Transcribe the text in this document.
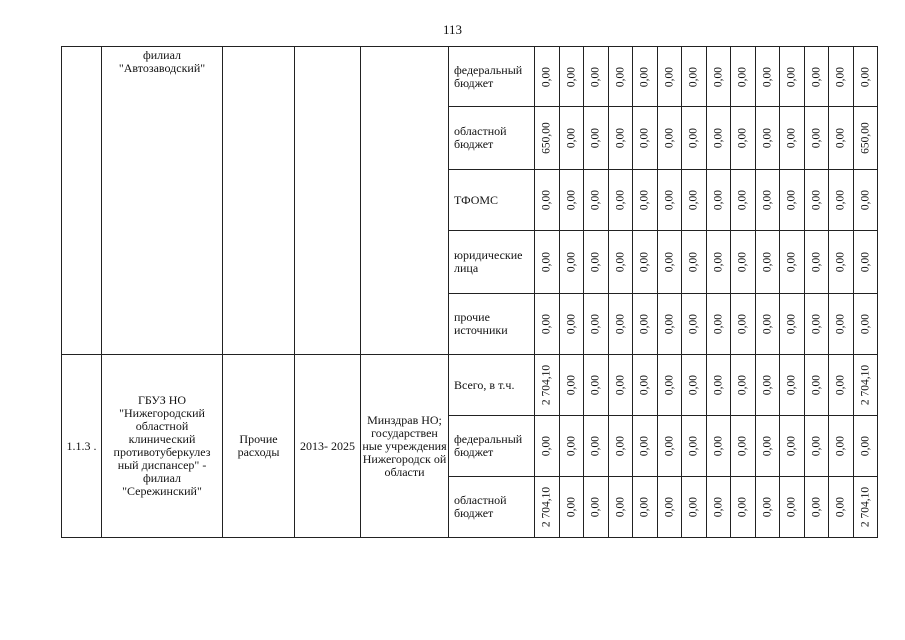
113
	филиал "Автозаводский"				федеральный бюджет	0,00	0,00	0,00	0,00	0,00	0,00	0,00	0,00	0,00	0,00	0,00	0,00	0,00	0,00

					областной бюджет	650,00	0,00	0,00	0,00	0,00	0,00	0,00	0,00	0,00	0,00	0,00	0,00	0,00	650,00

					ТФОМС	0,00	0,00	0,00	0,00	0,00	0,00	0,00	0,00	0,00	0,00	0,00	0,00	0,00	0,00

					юридические лица	0,00	0,00	0,00	0,00	0,00	0,00	0,00	0,00	0,00	0,00	0,00	0,00	0,00	0,00

					прочие источники	0,00	0,00	0,00	0,00	0,00	0,00	0,00	0,00	0,00	0,00	0,00	0,00	0,00	0,00

1.1.3 .	ГБУЗ НО "Нижегородский областной клинический противотуберкулез ный диспансер" - филиал "Сережинский"	Прочие расходы	2013- 2025	Минздрав НО; государствен ные учреждения Нижегородск ой области	Всего, в т.ч.	2 704,10	0,00	0,00	0,00	0,00	0,00	0,00	0,00	0,00	0,00	0,00	0,00	0,00	2 704,10

					федеральный бюджет	0,00	0,00	0,00	0,00	0,00	0,00	0,00	0,00	0,00	0,00	0,00	0,00	0,00	0,00

					областной бюджет	2 704,10	0,00	0,00	0,00	0,00	0,00	0,00	0,00	0,00	0,00	0,00	0,00	0,00	2 704,10
